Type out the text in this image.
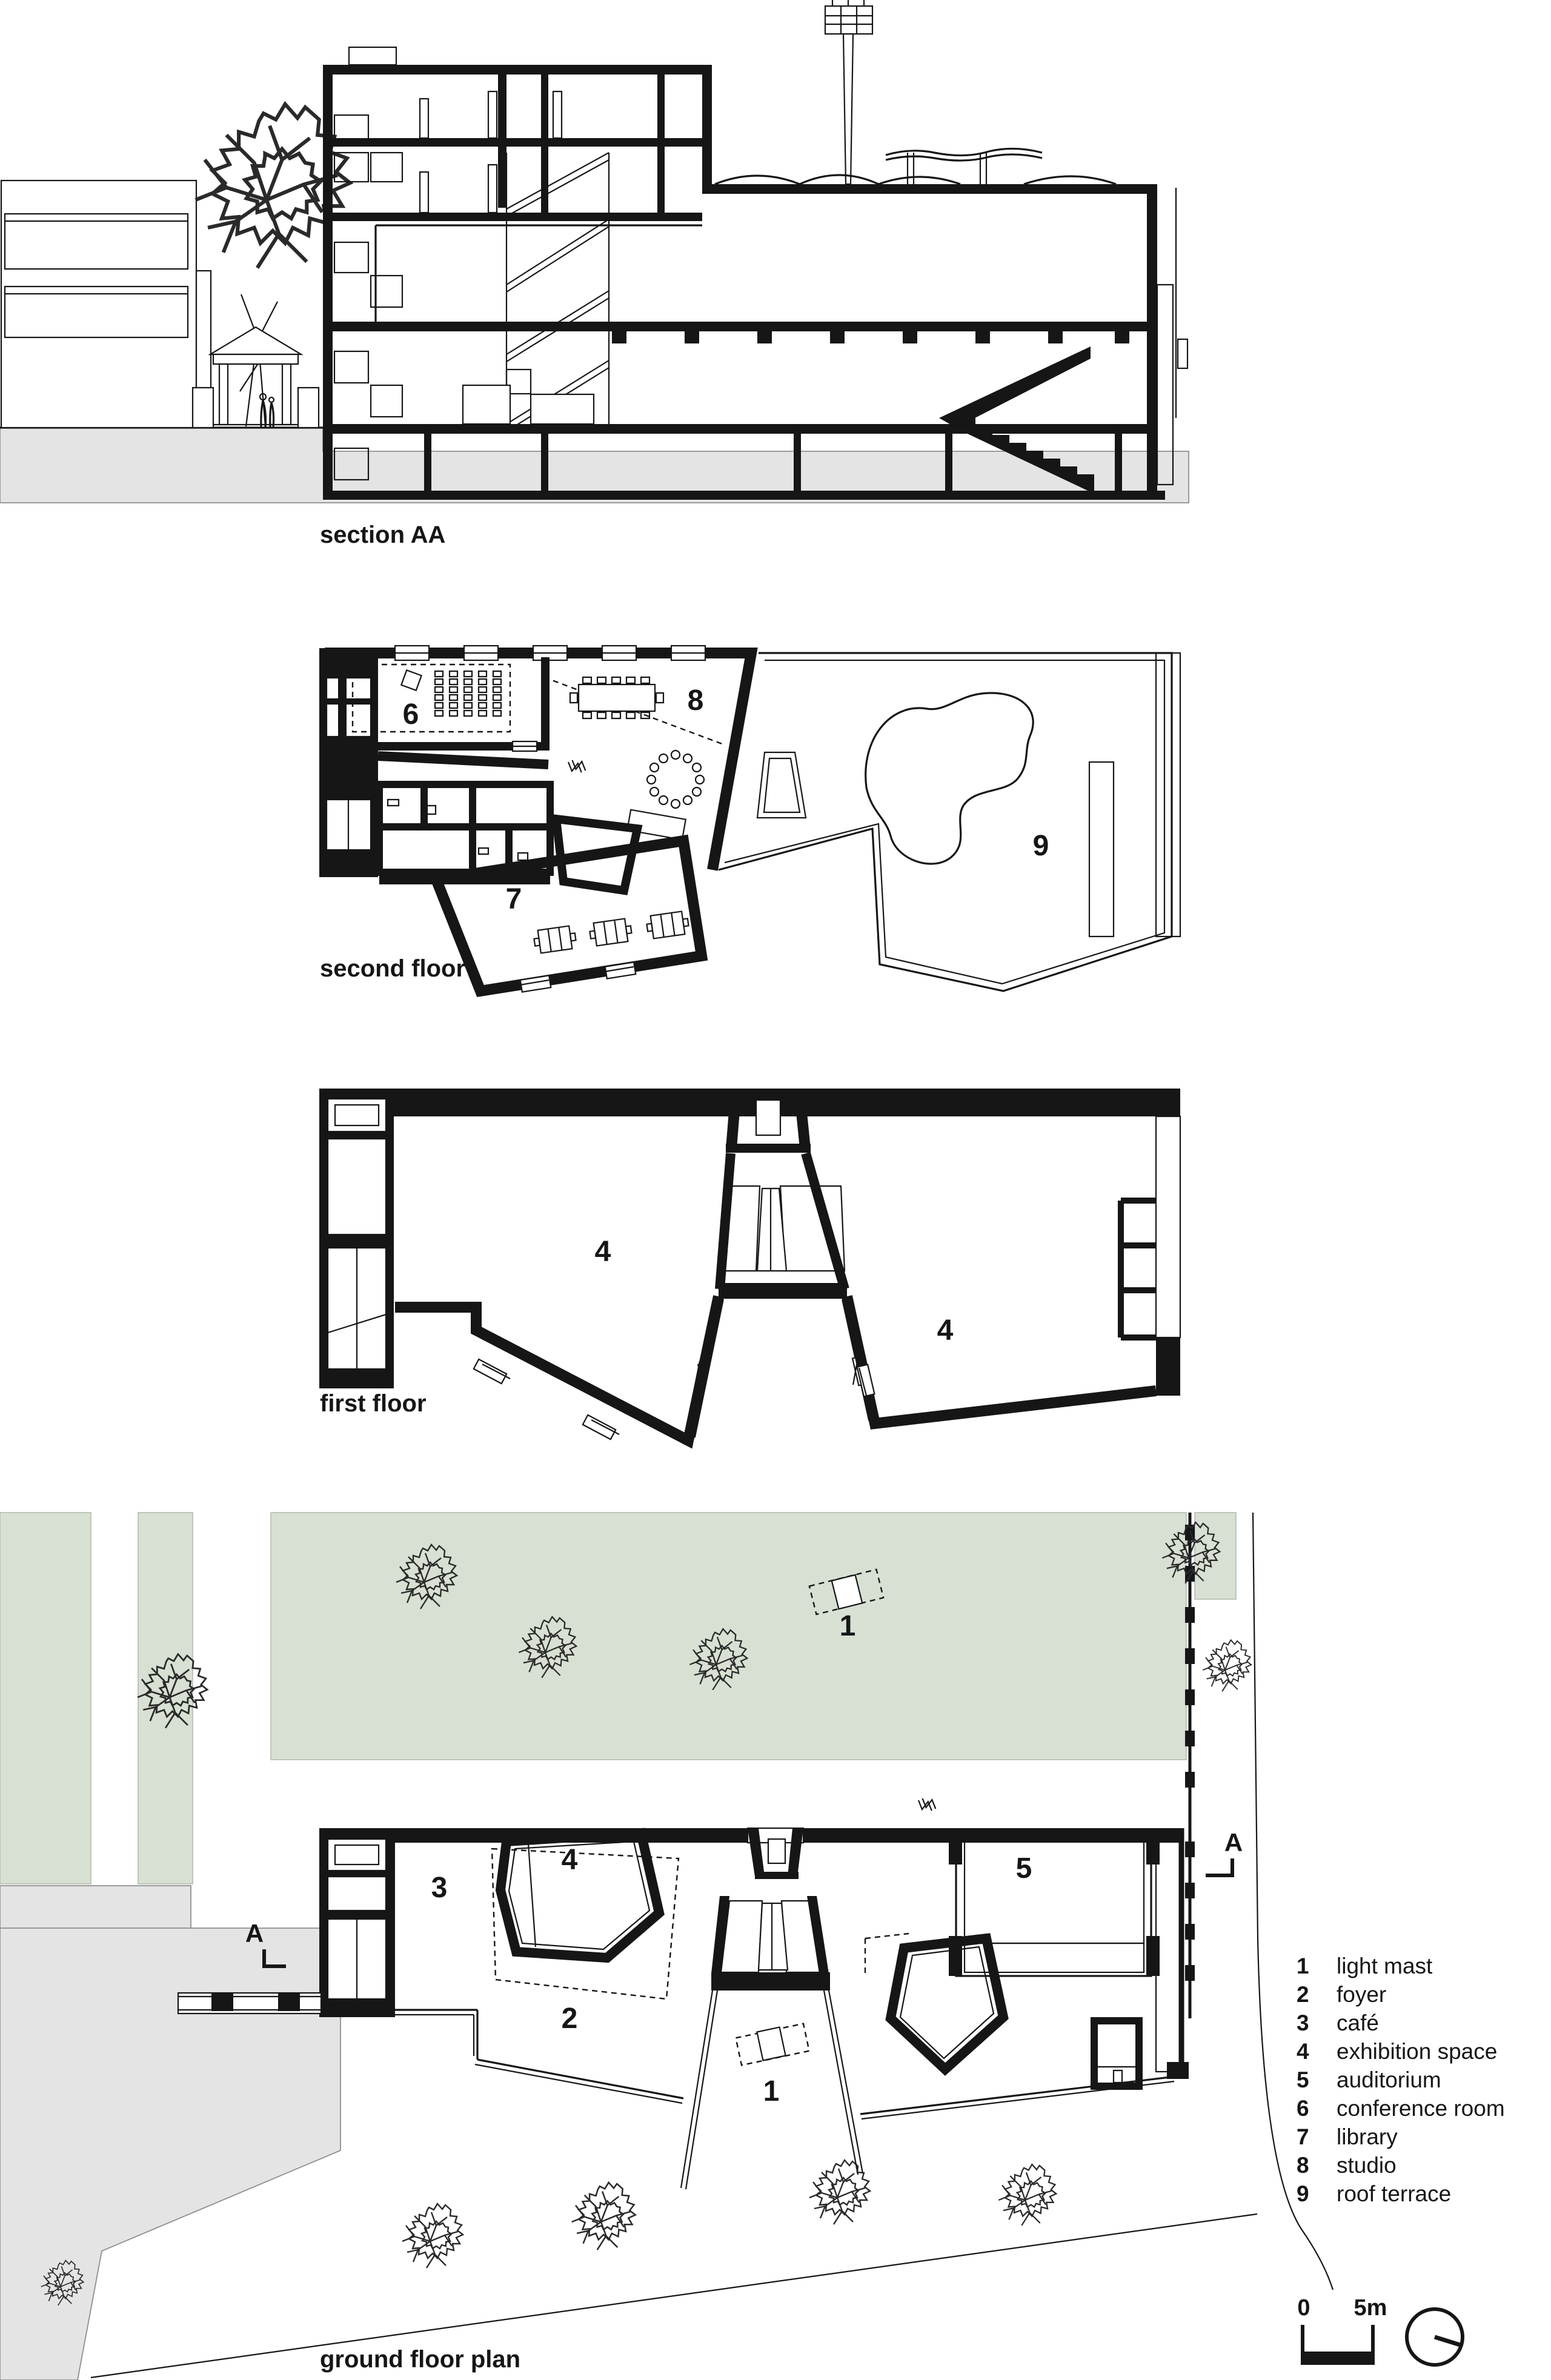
section AA
6	8
9
7
second floor
4
4
first floor
1
3
4	5
2
1
A
A
ground floor plan
1 light mast
2 foyer
3 café
4 exhibition space
5 auditorium
6 conference room
7 library
8 studio
9 roof terrace
0 5m
